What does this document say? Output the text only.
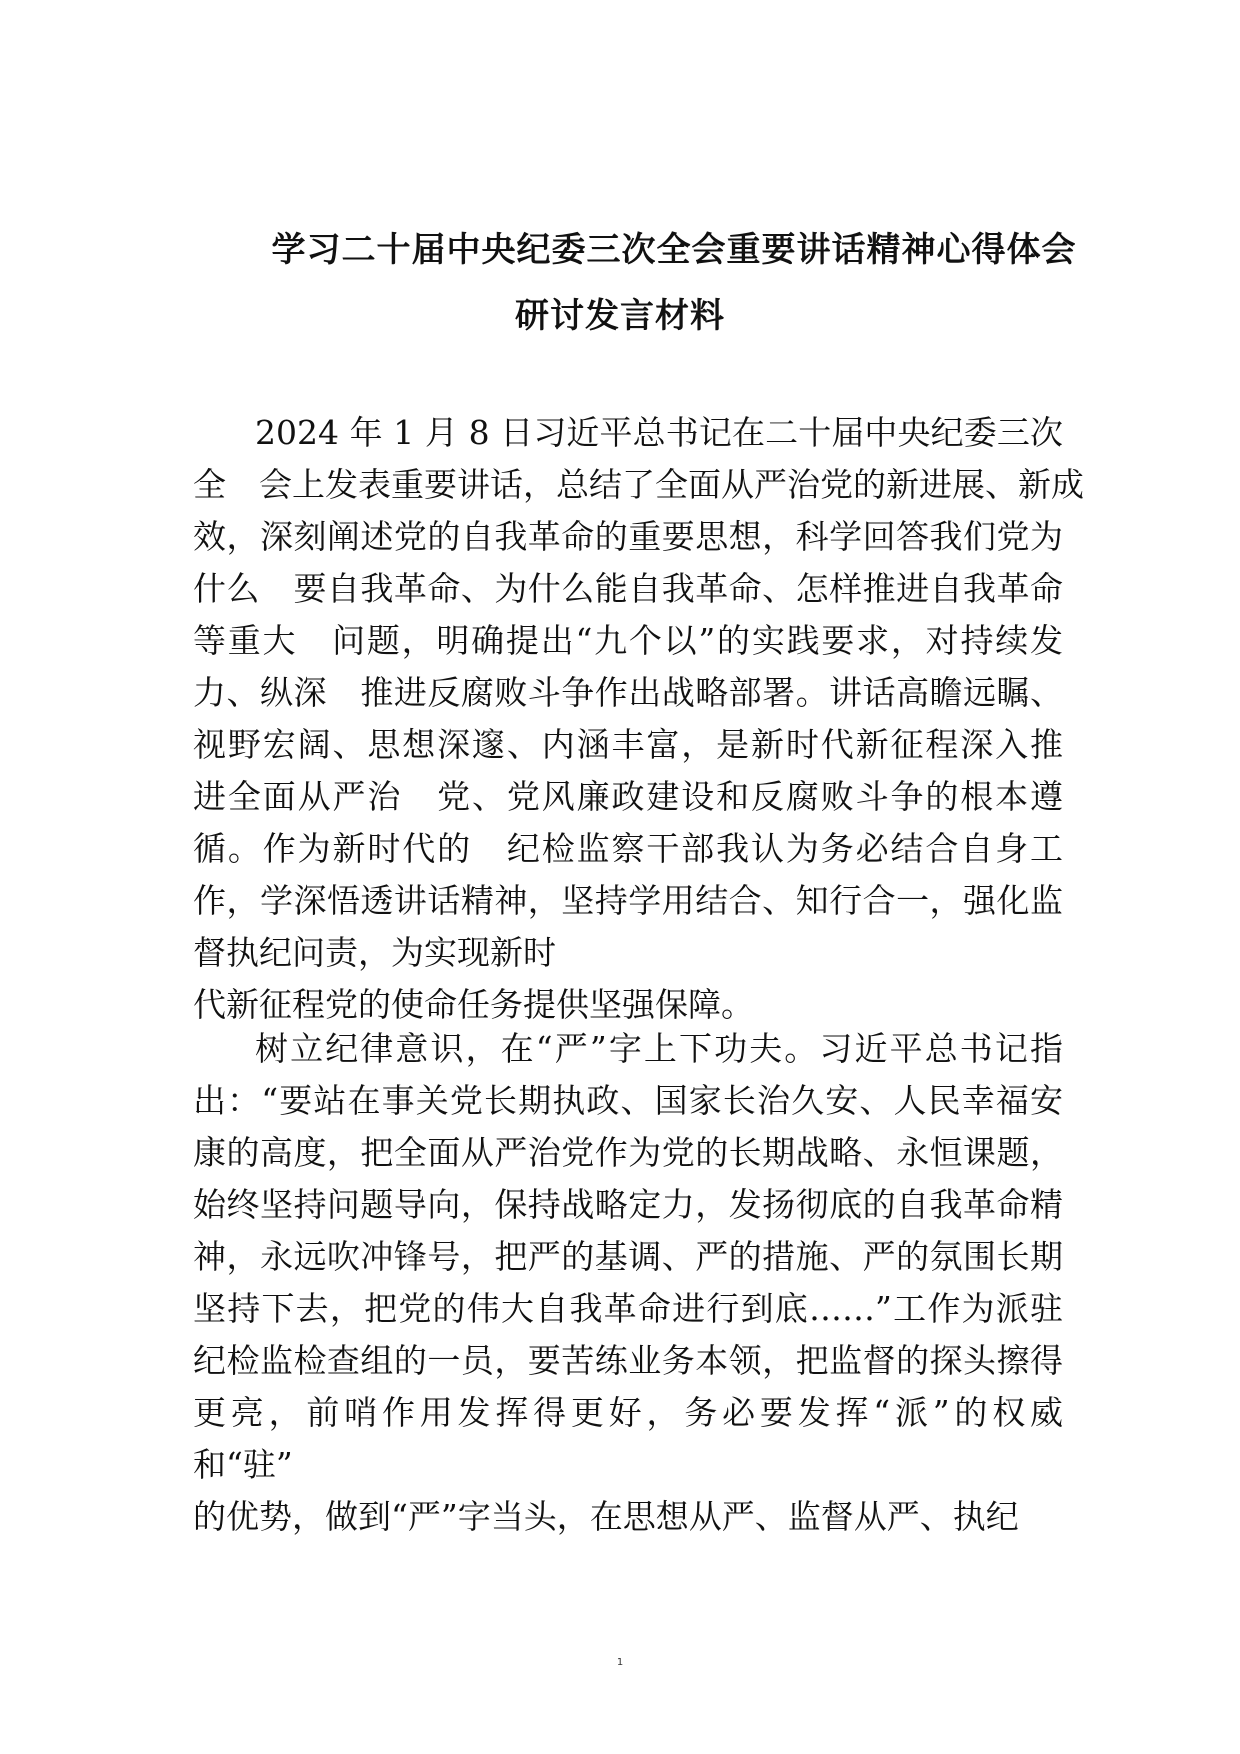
学习二十届中央纪委三次全会重要讲话精神心得体会
研讨发言材料
2024 年 1 月 8 日习近平总书记在二十届中央纪委三次
全　会上发表重要讲话，总结了全面从严治党的新进展、新成
效，深刻阐述党的自我革命的重要思想，科学回答我们党为
什么　要自我革命、为什么能自我革命、怎样推进自我革命
等重大　问题，明确提出“九个以”的实践要求，对持续发
力、纵深　推进反腐败斗争作出战略部署。讲话高瞻远瞩、
视野宏阔、思想深邃、内涵丰富，是新时代新征程深入推
进全面从严治　党、党风廉政建设和反腐败斗争的根本遵
循。作为新时代的　纪检监察干部我认为务必结合自身工
作，学深悟透讲话精神，坚持学用结合、知行合一，强化监
督执纪问责，为实现新时
代新征程党的使命任务提供坚强保障。
树立纪律意识，在“严”字上下功夫。习近平总书记指
出：“要站在事关党长期执政、国家长治久安、人民幸福安
康的高度，把全面从严治党作为党的长期战略、永恒课题，
始终坚持问题导向，保持战略定力，发扬彻底的自我革命精
神，永远吹冲锋号，把严的基调、严的措施、严的氛围长期
坚持下去，把党的伟大自我革命进行到底……”工作为派驻
纪检监检查组的一员，要苦练业务本领，把监督的探头擦得
更亮，前哨作用发挥得更好，务必要发挥“派”的权威
和“驻”
的优势，做到“严”字当头，在思想从严、监督从严、执纪
1
